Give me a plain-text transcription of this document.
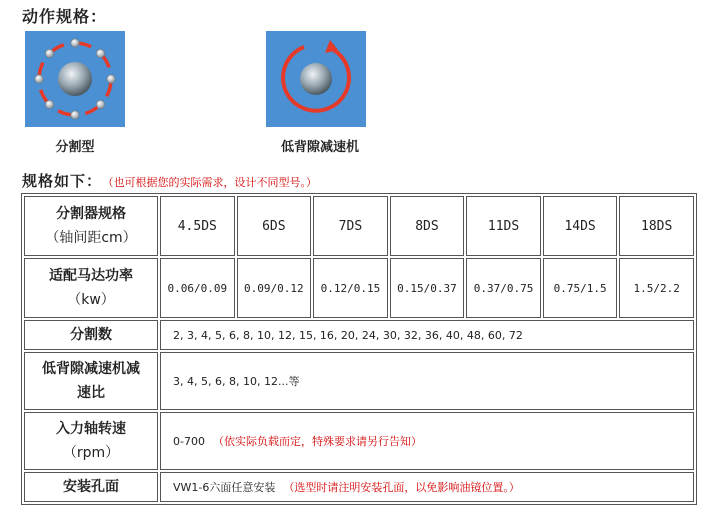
动作规格：
分割型	低背隙减速机
规格如下： （也可根据您的实际需求，设计不同型号。）
分割器规格
（轴间距cm）	4.5DS	6DS	7DS	8DS	11DS	14DS	18DS

适配马达功率
（kw）	0.06/0.09	0.09/0.12	0.12/0.15	0.15/0.37	0.37/0.75	0.75/1.5	1.5/2.2
分割数	2, 3, 4, 5, 6, 8, 10, 12, 15, 16, 20, 24, 30, 32, 36, 40, 48, 60, 72						

低背隙减速机减
速比	3, 4, 5, 6, 8, 10, 12...等						

入力轴转速
（rpm）	0-700 （依实际负载而定，特殊要求请另行告知）						
安装孔面	VW1-6六面任意安装 （选型时请注明安装孔面，以免影响油镜位置。）						
